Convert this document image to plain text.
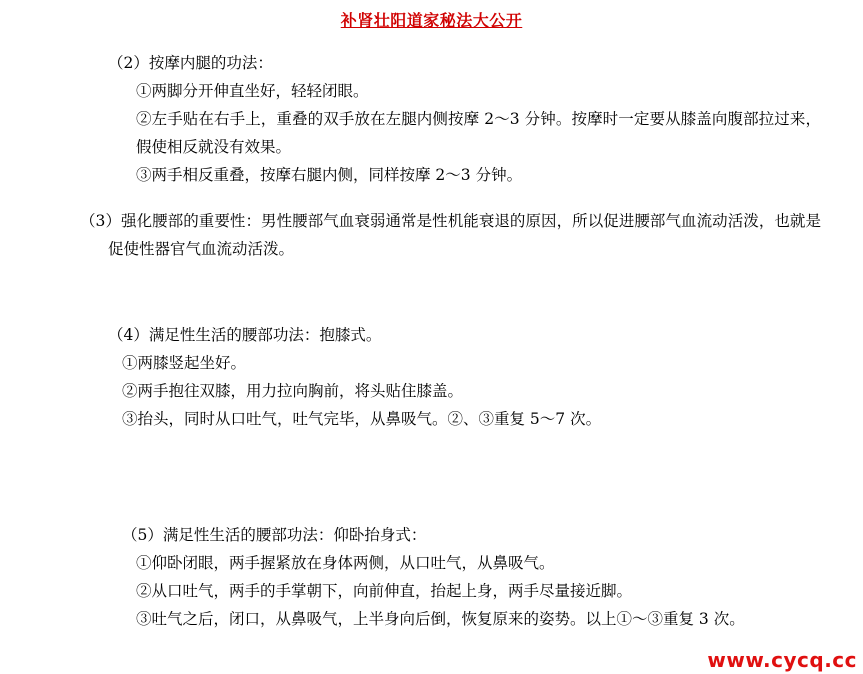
补肾壮阳道家秘法大公开

（2）按摩内腿的功法：

①两脚分开伸直坐好，轻轻闭眼。

②左手贴在右手上，重叠的双手放在左腿内侧按摩 2～3 分钟。按摩时一定要从膝盖向腹部拉过来，假使相反就没有效果。

③两手相反重叠，按摩右腿内侧，同样按摩 2～3 分钟。

（3）强化腰部的重要性：男性腰部气血衰弱通常是性机能衰退的原因，所以促进腰部气血流动活泼，也就是促使性器官气血流动活泼。

（4）满足性生活的腰部功法：抱膝式。

①两膝竖起坐好。

②两手抱往双膝，用力拉向胸前，将头贴住膝盖。

③抬头，同时从口吐气，吐气完毕，从鼻吸气。②、③重复 5～7 次。

（5）满足性生活的腰部功法：仰卧抬身式：

①仰卧闭眼，两手握紧放在身体两侧，从口吐气，从鼻吸气。

②从口吐气，两手的手掌朝下，向前伸直，抬起上身，两手尽量接近脚。

③吐气之后，闭口，从鼻吸气，上半身向后倒，恢复原来的姿势。以上①～③重复 3 次。

www.cycq.cc
